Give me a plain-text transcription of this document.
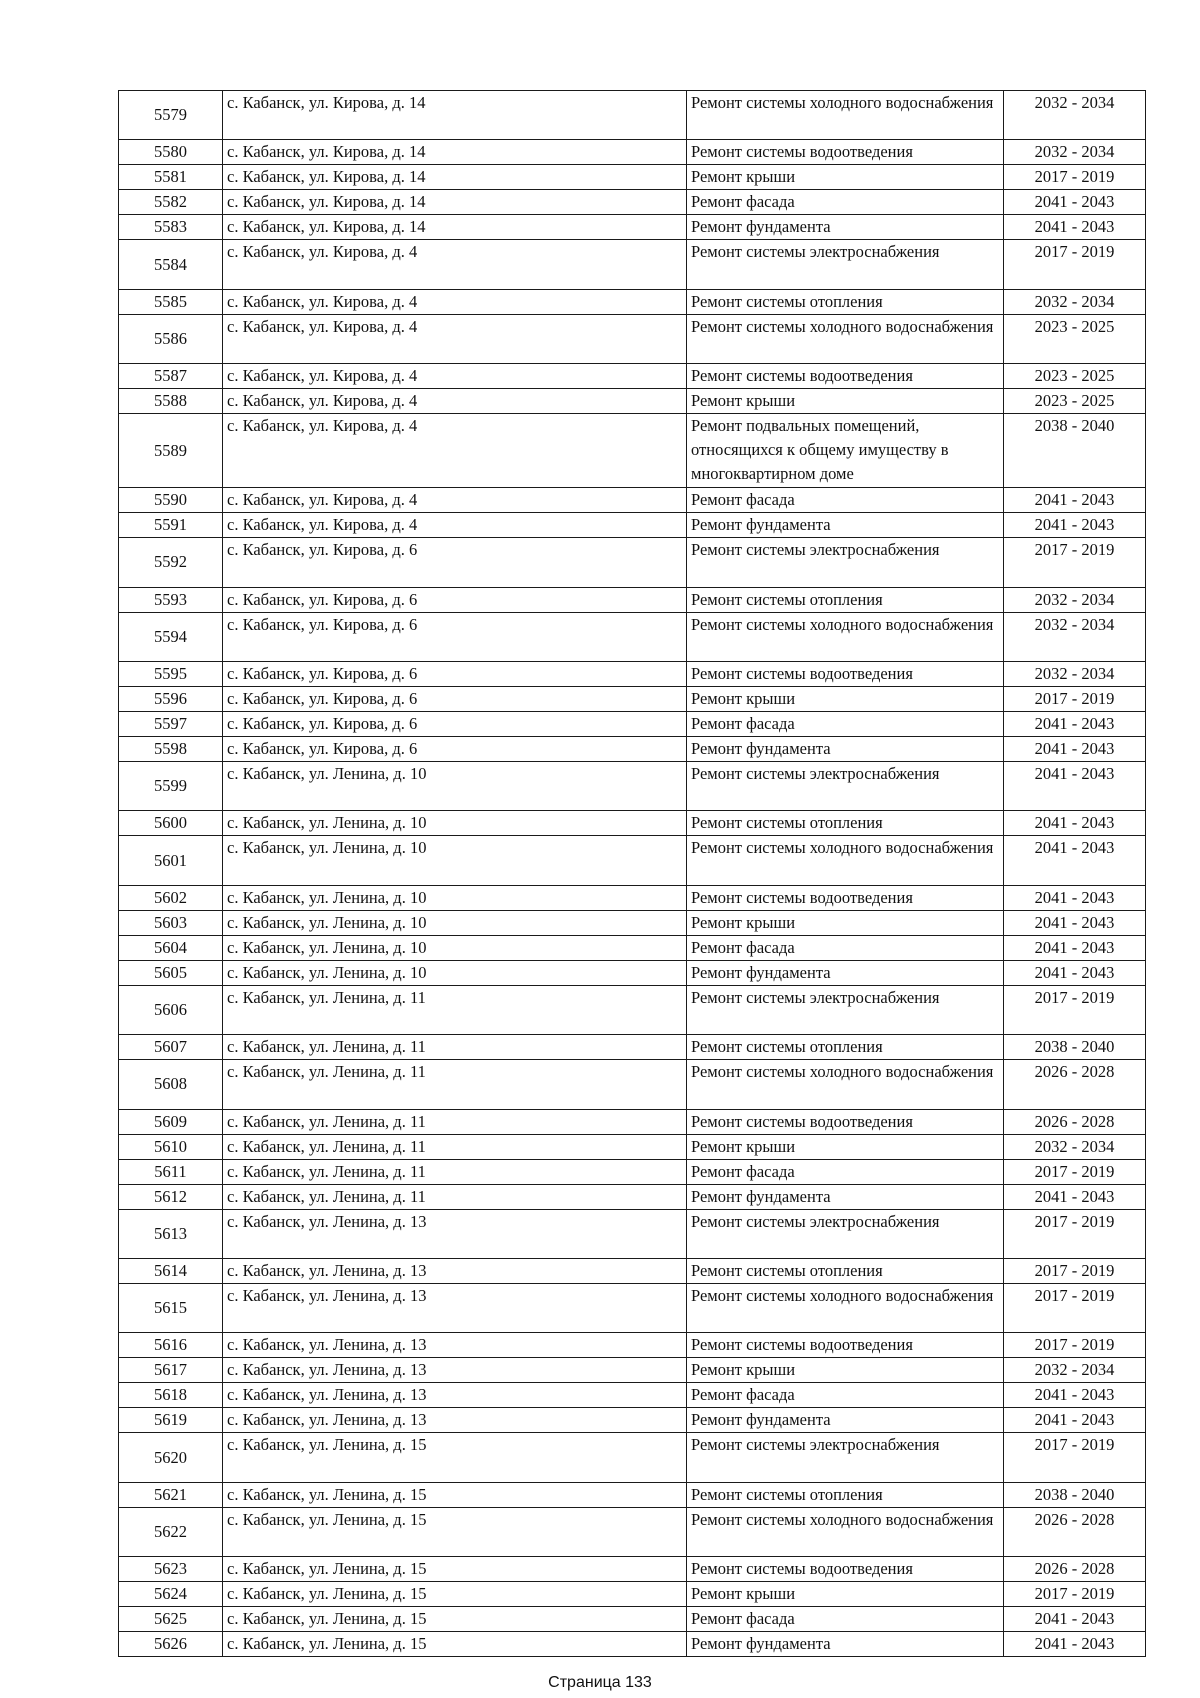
5579	с. Кабанск, ул. Кирова, д. 14	Ремонт системы холодного водоснабжения	2032 - 2034
5580	с. Кабанск, ул. Кирова, д. 14	Ремонт системы водоотведения	2032 - 2034
5581	с. Кабанск, ул. Кирова, д. 14	Ремонт крыши	2017 - 2019
5582	с. Кабанск, ул. Кирова, д. 14	Ремонт фасада	2041 - 2043
5583	с. Кабанск, ул. Кирова, д. 14	Ремонт фундамента	2041 - 2043
5584	с. Кабанск, ул. Кирова, д. 4	Ремонт системы электроснабжения	2017 - 2019
5585	с. Кабанск, ул. Кирова, д. 4	Ремонт системы отопления	2032 - 2034
5586	с. Кабанск, ул. Кирова, д. 4	Ремонт системы холодного водоснабжения	2023 - 2025
5587	с. Кабанск, ул. Кирова, д. 4	Ремонт системы водоотведения	2023 - 2025
5588	с. Кабанск, ул. Кирова, д. 4	Ремонт крыши	2023 - 2025
5589	с. Кабанск, ул. Кирова, д. 4	Ремонт подвальных помещений, относящихся к общему имуществу в многоквартирном доме	2038 - 2040
5590	с. Кабанск, ул. Кирова, д. 4	Ремонт фасада	2041 - 2043
5591	с. Кабанск, ул. Кирова, д. 4	Ремонт фундамента	2041 - 2043
5592	с. Кабанск, ул. Кирова, д. 6	Ремонт системы электроснабжения	2017 - 2019
5593	с. Кабанск, ул. Кирова, д. 6	Ремонт системы отопления	2032 - 2034
5594	с. Кабанск, ул. Кирова, д. 6	Ремонт системы холодного водоснабжения	2032 - 2034
5595	с. Кабанск, ул. Кирова, д. 6	Ремонт системы водоотведения	2032 - 2034
5596	с. Кабанск, ул. Кирова, д. 6	Ремонт крыши	2017 - 2019
5597	с. Кабанск, ул. Кирова, д. 6	Ремонт фасада	2041 - 2043
5598	с. Кабанск, ул. Кирова, д. 6	Ремонт фундамента	2041 - 2043
5599	с. Кабанск, ул. Ленина, д. 10	Ремонт системы электроснабжения	2041 - 2043
5600	с. Кабанск, ул. Ленина, д. 10	Ремонт системы отопления	2041 - 2043
5601	с. Кабанск, ул. Ленина, д. 10	Ремонт системы холодного водоснабжения	2041 - 2043
5602	с. Кабанск, ул. Ленина, д. 10	Ремонт системы водоотведения	2041 - 2043
5603	с. Кабанск, ул. Ленина, д. 10	Ремонт крыши	2041 - 2043
5604	с. Кабанск, ул. Ленина, д. 10	Ремонт фасада	2041 - 2043
5605	с. Кабанск, ул. Ленина, д. 10	Ремонт фундамента	2041 - 2043
5606	с. Кабанск, ул. Ленина, д. 11	Ремонт системы электроснабжения	2017 - 2019
5607	с. Кабанск, ул. Ленина, д. 11	Ремонт системы отопления	2038 - 2040
5608	с. Кабанск, ул. Ленина, д. 11	Ремонт системы холодного водоснабжения	2026 - 2028
5609	с. Кабанск, ул. Ленина, д. 11	Ремонт системы водоотведения	2026 - 2028
5610	с. Кабанск, ул. Ленина, д. 11	Ремонт крыши	2032 - 2034
5611	с. Кабанск, ул. Ленина, д. 11	Ремонт фасада	2017 - 2019
5612	с. Кабанск, ул. Ленина, д. 11	Ремонт фундамента	2041 - 2043
5613	с. Кабанск, ул. Ленина, д. 13	Ремонт системы электроснабжения	2017 - 2019
5614	с. Кабанск, ул. Ленина, д. 13	Ремонт системы отопления	2017 - 2019
5615	с. Кабанск, ул. Ленина, д. 13	Ремонт системы холодного водоснабжения	2017 - 2019
5616	с. Кабанск, ул. Ленина, д. 13	Ремонт системы водоотведения	2017 - 2019
5617	с. Кабанск, ул. Ленина, д. 13	Ремонт крыши	2032 - 2034
5618	с. Кабанск, ул. Ленина, д. 13	Ремонт фасада	2041 - 2043
5619	с. Кабанск, ул. Ленина, д. 13	Ремонт фундамента	2041 - 2043
5620	с. Кабанск, ул. Ленина, д. 15	Ремонт системы электроснабжения	2017 - 2019
5621	с. Кабанск, ул. Ленина, д. 15	Ремонт системы отопления	2038 - 2040
5622	с. Кабанск, ул. Ленина, д. 15	Ремонт системы холодного водоснабжения	2026 - 2028
5623	с. Кабанск, ул. Ленина, д. 15	Ремонт системы водоотведения	2026 - 2028
5624	с. Кабанск, ул. Ленина, д. 15	Ремонт крыши	2017 - 2019
5625	с. Кабанск, ул. Ленина, д. 15	Ремонт фасада	2041 - 2043
5626	с. Кабанск, ул. Ленина, д. 15	Ремонт фундамента	2041 - 2043
Страница 133
